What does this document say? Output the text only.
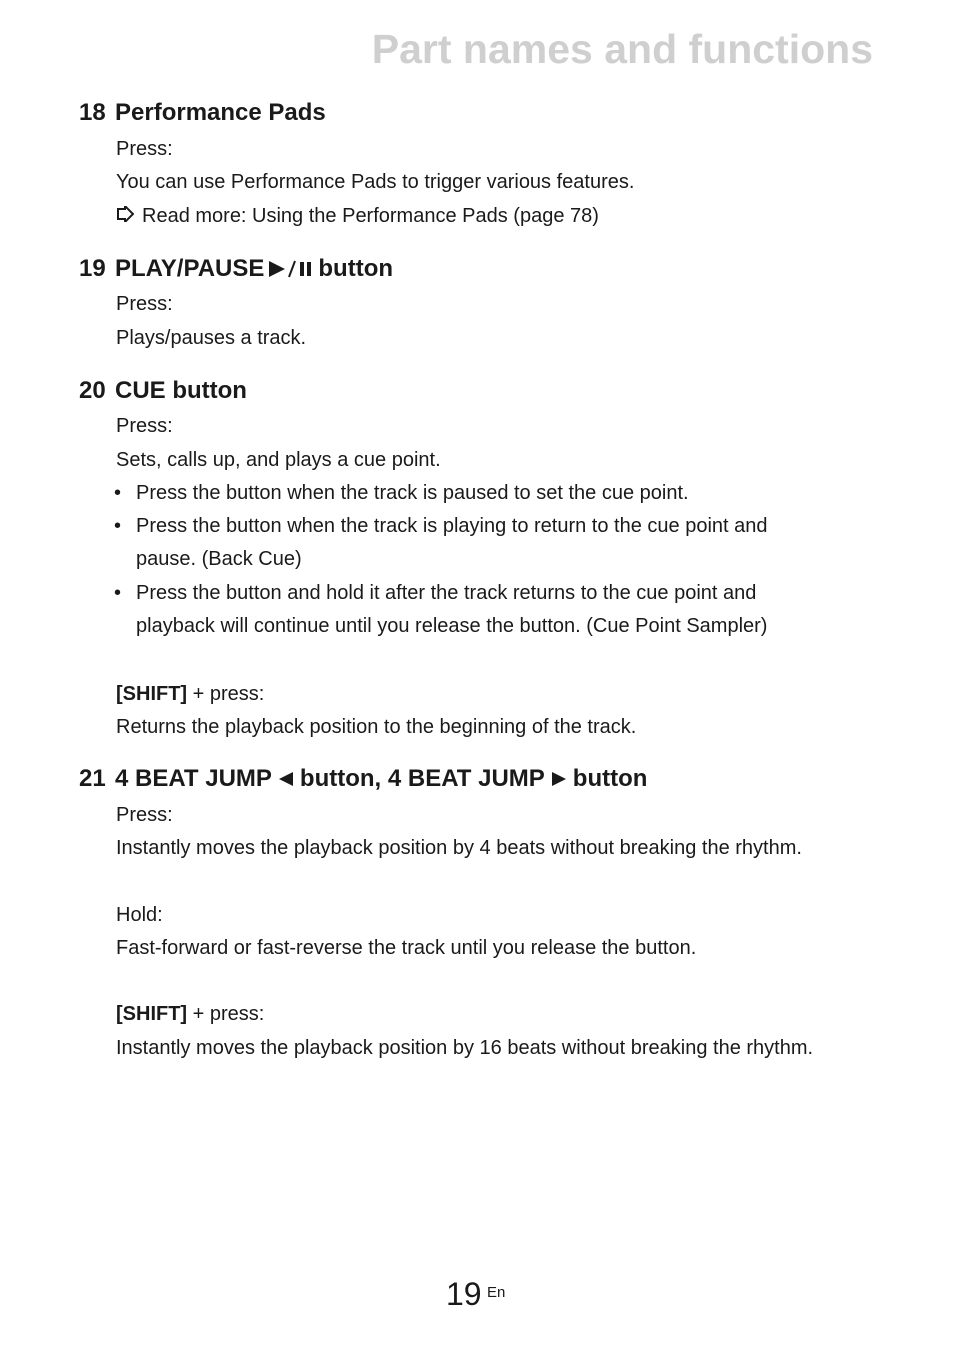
Part names and functions
18 Performance Pads
Press:
You can use Performance Pads to trigger various features.
Read more: Using the Performance Pads (page 78)
19 PLAY/PAUSE button
Press:
Plays/pauses a track.
20 CUE button
Press:
Sets, calls up, and plays a cue point.
• Press the button when the track is paused to set the cue point.
• Press the button when the track is playing to return to the cue point and
pause. (Back Cue)
• Press the button and hold it after the track returns to the cue point and
playback will continue until you release the button. (Cue Point Sampler)
[SHIFT] + press:
Returns the playback position to the beginning of the track.
21 4 BEAT JUMP button, 4 BEAT JUMP button
Press:
Instantly moves the playback position by 4 beats without breaking the rhythm.
Hold:
Fast-forward or fast-reverse the track until you release the button.
[SHIFT] + press:
Instantly moves the playback position by 16 beats without breaking the rhythm.
19 En
